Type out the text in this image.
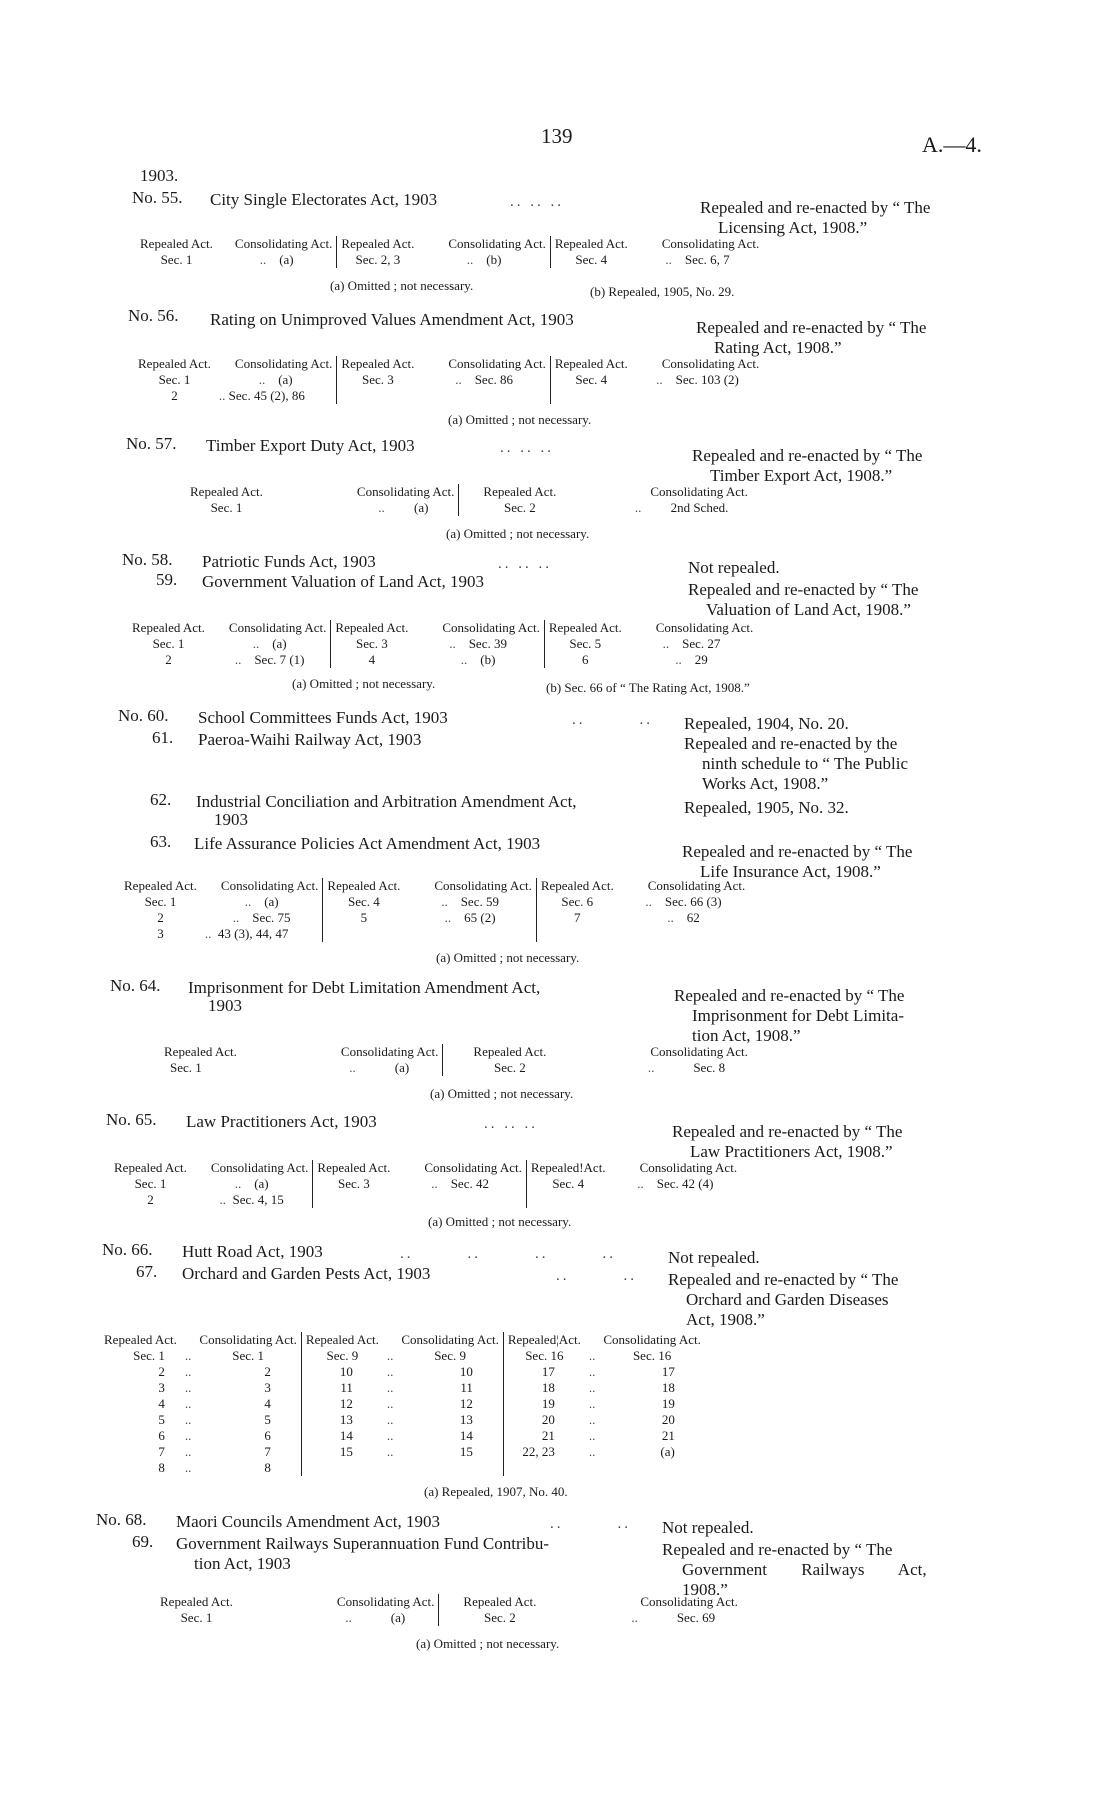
139	A.—4.
1903.
No. 55. City Single Electorates Act, 1903	.. .. ..	Repealed and re-enacted by “ The
Licensing Act, 1908.”
Repealed Act.	Consolidating Act.	Repealed Act.	Consolidating Act.	Repealed Act.	Consolidating Act.
Sec. 1	.. (a)	Sec. 2, 3	.. (b)	Sec. 4	.. Sec. 6, 7
(a) Omitted ; not necessary.	(b) Repealed, 1905, No. 29.
No. 56. Rating on Unimproved Values Amendment Act, 1903	Repealed and re-enacted by “ The
Rating Act, 1908.”
Repealed Act.	Consolidating Act.	Repealed Act.	Consolidating Act.	Repealed Act.	Consolidating Act.
Sec. 1	.. (a)	Sec. 3	.. Sec. 86	Sec. 4	.. Sec. 103 (2)
2	.. Sec. 45 (2), 86				
(a) Omitted ; not necessary.
No. 57. Timber Export Duty Act, 1903	.. .. ..	Repealed and re-enacted by “ The
Timber Export Act, 1908.”
Repealed Act.	Consolidating Act.	Repealed Act.	Consolidating Act.
Sec. 1	.. (a)	Sec. 2	.. 2nd Sched.
(a) Omitted ; not necessary.
No. 58. Patriotic Funds Act, 1903	.. .. ..	Not repealed.
59. Government Valuation of Land Act, 1903	Repealed and re-enacted by “ The
Valuation of Land Act, 1908.”
Repealed Act.	Consolidating Act.	Repealed Act.	Consolidating Act.	Repealed Act.	Consolidating Act.
Sec. 1	.. (a)	Sec. 3	.. Sec. 39	Sec. 5	.. Sec. 27
2	.. Sec. 7 (1)	4	.. (b)	6	.. 29
(a) Omitted ; not necessary.	(b) Sec. 66 of “ The Rating Act, 1908.”
No. 60. School Committees Funds Act, 1903	..        .. Repealed, 1904, No. 20.
61. Paeroa-Waihi Railway Act, 1903	Repealed and re-enacted by the
ninth schedule to “ The Public
Works Act, 1908.”
62. Industrial Conciliation and Arbitration Amendment Act,
1903
Repealed, 1905, No. 32.
63. Life Assurance Policies Act Amendment Act, 1903	Repealed and re-enacted by “ The
Life Insurance Act, 1908.”
Repealed Act.	Consolidating Act.	Repealed Act.	Consolidating Act.	Repealed Act.	Consolidating Act.
Sec. 1	.. (a)	Sec. 4	.. Sec. 59	Sec. 6	.. Sec. 66 (3)
2	.. Sec. 75	5	.. 65 (2)	7	.. 62
3	.. 43 (3), 44, 47				
(a) Omitted ; not necessary.
No. 64. Imprisonment for Debt Limitation Amendment Act,
1903
Repealed and re-enacted by “ The
Imprisonment for Debt Limita-
tion Act, 1908.”
Repealed Act.	Consolidating Act.	Repealed Act.	Consolidating Act.
Sec. 1	.. (a)	Sec. 2	.. Sec. 8
(a) Omitted ; not necessary.
No. 65. Law Practitioners Act, 1903	.. .. ..	Repealed and re-enacted by “ The
Law Practitioners Act, 1908.”
Repealed Act.	Consolidating Act.	Repealed Act.	Consolidating Act.	Repealed!Act.	Consolidating Act.
Sec. 1	.. (a)	Sec. 3	.. Sec. 42	Sec. 4	.. Sec. 42 (4)
2	.. Sec. 4, 15				
(a) Omitted ; not necessary.
No. 66. Hutt Road Act, 1903	..        ..        ..        ..	Not repealed.
67. Orchard and Garden Pests Act, 1903	..        .. Repealed and re-enacted by “ The
Orchard and Garden Diseases
Act, 1908.”
Repealed Act.		Consolidating Act.	Repealed Act.		Consolidating Act.	Repealed¦Act.		Consolidating Act.
Sec. 1	..	Sec. 1	Sec. 9	..	Sec. 9	Sec. 16	..	Sec. 16
2	..	2	10	..	10	17	..	17
3	..	3	11	..	11	18	..	18
4	..	4	12	..	12	19	..	19
5	..	5	13	..	13	20	..	20
6	..	6	14	..	14	21	..	21
7	..	7	15	..	15	22, 23	..	(a)
8	..	8						
(a) Repealed, 1907, No. 40.
No. 68. Maori Councils Amendment Act, 1903	..        .. Not repealed.
69. Government Railways Superannuation Fund Contribu-
tion Act, 1903
Repealed and re-enacted by “ The
Government Railways Act,
1908.”
Repealed Act.	Consolidating Act.	Repealed Act.	Consolidating Act.
Sec. 1	.. (a)	Sec. 2	.. Sec. 69
(a) Omitted ; not necessary.
